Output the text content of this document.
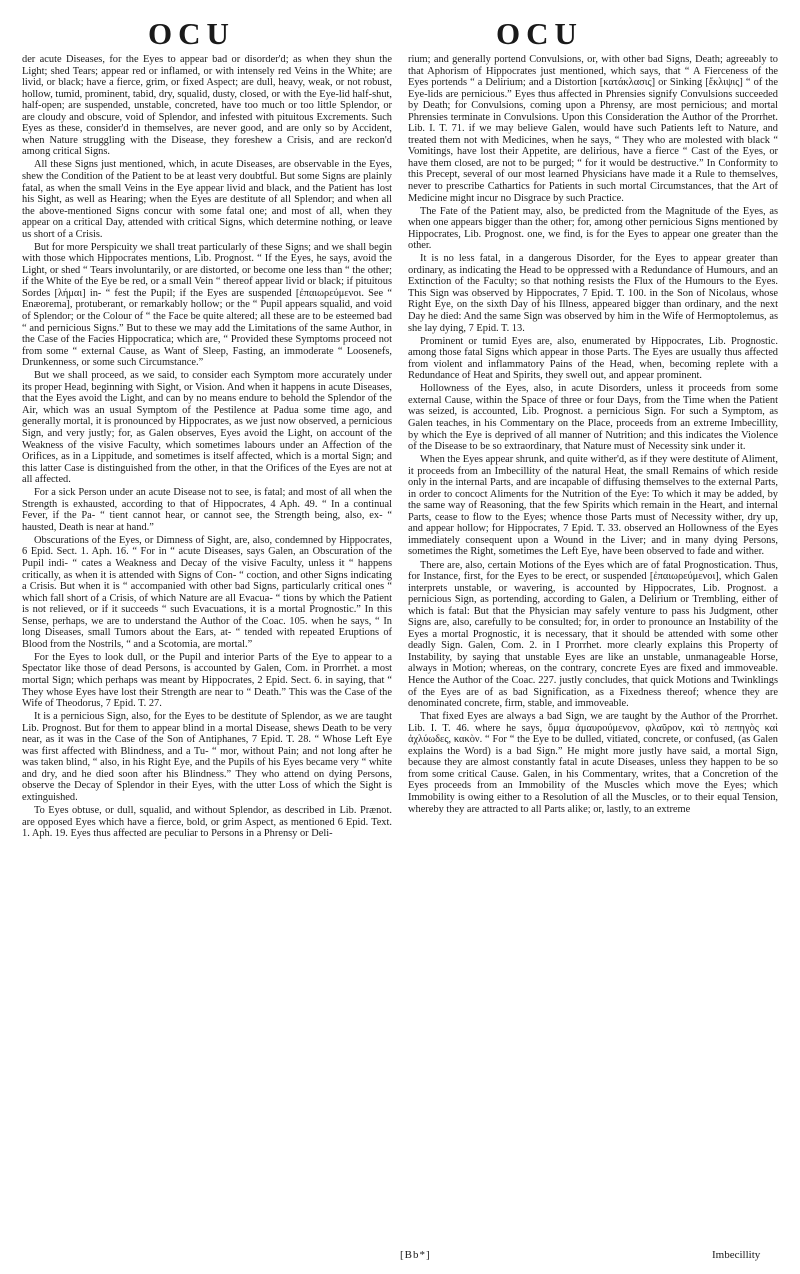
OCU	OCU

der acute Diseases, for the Eyes to appear bad or disorder'd; as when they shun the Light; shed Tears; appear red or inflamed, or with intensely red Veins in the White; are livid, or black; have a fierce, grim, or fixed Aspect; are dull, heavy, weak, or not robust, hollow, tumid, prominent, tabid, dry, squalid, dusty, closed, or with the Eye-lid half-shut, half-open; are suspended, unstable, concreted, have too much or too little Splendor, or are cloudy and obscure, void of Splendor, and infested with pituitous Excrements. Such Eyes as these, consider'd in themselves, are never good, and are only so by Accident, when Nature struggling with the Disease, they foreshew a Crisis, and are reckon'd among critical Signs.

All these Signs just mentioned, which, in acute Diseases, are observable in the Eyes, shew the Condition of the Patient to be at least very doubtful. But some Signs are plainly fatal, as when the small Veins in the Eye appear livid and black, and the Patient has lost his Sight, as well as Hearing; when the Eyes are destitute of all Splendor; and when all the above-mentioned Signs concur with some fatal one; and most of all, when they appear on a critical Day, attended with critical Signs, which determine nothing, or leave us short of a Crisis.

But for more Perspicuity we shall treat particularly of these Signs; and we shall begin with those which Hippocrates mentions, Lib. Prognost. “ If the Eyes, he says, avoid the Light, or shed “ Tears involuntarily, or are distorted, or become one less than “ the other; if the White of the Eye be red, or a small Vein “ thereof appear livid or black; if pituitous Sordes [λήμαι] in- “ fest the Pupil; if the Eyes are suspended [ἐπαιωρεύμενοι. See “ Enæorema], protuberant, or remarkably hollow; or the “ Pupil appears squalid, and void of Splendor; or the Colour of “ the Face be quite altered; all these are to be esteemed bad “ and pernicious Signs.” But to these we may add the Limitations of the same Author, in the Case of the Facies Hippocratica; which are, “ Provided these Symptoms proceed not from some “ external Cause, as Want of Sleep, Fasting, an immoderate “ Loosenefs, Drunkenness, or some such Circumstance.”

But we shall proceed, as we said, to consider each Symptom more accurately under its proper Head, beginning with Sight, or Vision. And when it happens in acute Diseases, that the Eyes avoid the Light, and can by no means endure to behold the Splendor of the Air, which was an usual Symptom of the Pestilence at Padua some time ago, and generally mortal, it is pronounced by Hippocrates, as we just now observed, a pernicious Sign, and very justly; for, as Galen observes, Eyes avoid the Light, on account of the Weakness of the visive Faculty, which sometimes labours under an Affection of the Orifices, as in a Lippitude, and sometimes is itself affected, which is a mortal Sign; and this latter Case is distinguished from the other, in that the Orifices of the Eyes are not at all affected.

For a sick Person under an acute Disease not to see, is fatal; and most of all when the Strength is exhausted, according to that of Hippocrates, 4 Aph. 49. “ In a continual Fever, if the Pa- “ tient cannot hear, or cannot see, the Strength being, also, ex- “ hausted, Death is near at hand.”

Obscurations of the Eyes, or Dimness of Sight, are, also, condemned by Hippocrates, 6 Epid. Sect. 1. Aph. 16. “ For in “ acute Diseases, says Galen, an Obscuration of the Pupil indi- “ cates a Weakness and Decay of the visive Faculty, unless it “ happens critically, as when it is attended with Signs of Con- “ coction, and other Signs indicating a Crisis. But when it is “ accompanied with other bad Signs, particularly critical ones “ which fall short of a Crisis, of which Nature are all Evacua- “ tions by which the Patient is not relieved, or if it succeeds “ such Evacuations, it is a mortal Prognostic.” In this Sense, perhaps, we are to understand the Author of the Coac. 105. when he says, “ In long Diseases, small Tumors about the Ears, at- “ tended with repeated Eruptions of Blood from the Nostrils, “ and a Scotomia, are mortal.”

For the Eyes to look dull, or the Pupil and interior Parts of the Eye to appear to a Spectator like those of dead Persons, is accounted by Galen, Com. in Prorrhet. a most mortal Sign; which perhaps was meant by Hippocrates, 2 Epid. Sect. 6. in saying, that “ They whose Eyes have lost their Strength are near to “ Death.” This was the Case of the Wife of Theodorus, 7 Epid. T. 27.

It is a pernicious Sign, also, for the Eyes to be destitute of Splendor, as we are taught Lib. Prognost. But for them to appear blind in a mortal Disease, shews Death to be very near, as it was in the Case of the Son of Antiphanes, 7 Epid. T. 28. “ Whose Left Eye was first affected with Blindness, and a Tu- “ mor, without Pain; and not long after he was taken blind, “ also, in his Right Eye, and the Pupils of his Eyes became very “ white and dry, and he died soon after his Blindness.” They who attend on dying Persons, observe the Decay of Splendor in their Eyes, with the utter Loss of which the Sight is extinguished.

To Eyes obtuse, or dull, squalid, and without Splendor, as described in Lib. Prænot. are opposed Eyes which have a fierce, bold, or grim Aspect, as mentioned 6 Epid. Text. 1. Aph. 19. Eyes thus affected are peculiar to Persons in a Phrensy or Deli-

rium; and generally portend Convulsions, or, with other bad Signs, Death; agreeably to that Aphorism of Hippocrates just mentioned, which says, that “ A Fierceness of the Eyes portends “ a Delirium; and a Distortion [κατάκλασις] or Sinking [ἔκλιψις] “ of the Eye-lids are pernicious.” Eyes thus affected in Phrensies signify Convulsions succeeded by Death; for Convulsions, coming upon a Phrensy, are most pernicious; and mortal Phrensies terminate in Convulsions. Upon this Consideration the Author of the Prorrhet. Lib. I. T. 71. if we may believe Galen, would have such Patients left to Nature, and treated them not with Medicines, when he says, “ They who are molested with black “ Vomitings, have lost their Appetite, are delirious, have a fierce “ Cast of the Eyes, or have them closed, are not to be purged; “ for it would be destructive.” In Conformity to this Precept, several of our most learned Physicians have made it a Rule to themselves, never to prescribe Cathartics for Patients in such mortal Circumstances, that the Art of Medicine might incur no Disgrace by such Practice.

The Fate of the Patient may, also, be predicted from the Magnitude of the Eyes, as when one appears bigger than the other; for, among other pernicious Signs mentioned by Hippocrates, Lib. Prognost. one, we find, is for the Eyes to appear one greater than the other.

It is no less fatal, in a dangerous Disorder, for the Eyes to appear greater than ordinary, as indicating the Head to be oppressed with a Redundance of Humours, and an Extinction of the Faculty; so that nothing resists the Flux of the Humours to the Eyes. This Sign was observed by Hippocrates, 7 Epid. T. 100. in the Son of Nicolaus, whose Right Eye, on the sixth Day of his Illness, appeared bigger than ordinary, and the next Day he died: And the same Sign was observed by him in the Wife of Hermoptolemus, as she lay dying, 7 Epid. T. 13.

Prominent or tumid Eyes are, also, enumerated by Hippocrates, Lib. Prognostic. among those fatal Signs which appear in those Parts. The Eyes are usually thus affected from violent and inflammatory Pains of the Head, when, becoming replete with a Redundance of Heat and Spirits, they swell out, and appear prominent.

Hollowness of the Eyes, also, in acute Disorders, unless it proceeds from some external Cause, within the Space of three or four Days, from the Time when the Patient was seized, is accounted, Lib. Prognost. a pernicious Sign. For such a Symptom, as Galen teaches, in his Commentary on the Place, proceeds from an extreme Imbecillity, by which the Eye is deprived of all manner of Nutrition; and this indicates the Violence of the Disease to be so extraordinary, that Nature must of Necessity sink under it.

When the Eyes appear shrunk, and quite wither'd, as if they were destitute of Aliment, it proceeds from an Imbecillity of the natural Heat, the small Remains of which reside only in the internal Parts, and are incapable of diffusing themselves to the external Parts, in order to concoct Aliments for the Nutrition of the Eye: To which it may be added, by the same way of Reasoning, that the few Spirits which remain in the Heart, and internal Parts, cease to flow to the Eyes; whence those Parts must of Necessity wither, dry up, and appear hollow; for Hippocrates, 7 Epid. T. 33. observed an Hollowness of the Eyes immediately consequent upon a Wound in the Liver; and in many dying Persons, sometimes the Right, sometimes the Left Eye, have been observed to fade and wither.

There are, also, certain Motions of the Eyes which are of fatal Prognostication. Thus, for Instance, first, for the Eyes to be erect, or suspended [ἐπαιωρεύμενοι], which Galen interprets unstable, or wavering, is accounted by Hippocrates, Lib. Prognost. a pernicious Sign, as portending, according to Galen, a Delirium or Trembling, either of which is fatal: But that the Physician may safely venture to pass his Judgment, other Signs are, also, carefully to be consulted; for, in order to pronounce an Instability of the Eyes a mortal Prognostic, it is necessary, that it should be attended with some other deadly Sign. Galen, Com. 2. in I Prorrhet. more clearly explains this Property of Instability, by saying that unstable Eyes are like an unstable, unmanageable Horse, always in Motion; whereas, on the contrary, concrete Eyes are fixed and immoveable. Hence the Author of the Coac. 227. justly concludes, that quick Motions and Twinklings of the Eyes are of as bad Signification, as a Fixedness thereof; whence they are denominated concrete, firm, stable, and immoveable.

That fixed Eyes are always a bad Sign, we are taught by the Author of the Prorrhet. Lib. I. T. 46. where he says, ὄμμα ἀμαυρούμενον, φλαῦρον, καὶ τὸ πεπηγὸς καὶ ἀχλύωδες, κακὸν. “ For “ the Eye to be dulled, vitiated, concrete, or confused, (as Galen explains the Word) is a bad Sign.” He might more justly have said, a mortal Sign, because they are almost constantly fatal in acute Diseases, unless they happen to be so from some critical Cause. Galen, in his Commentary, writes, that a Concretion of the Eyes proceeds from an Immobility of the Muscles which move the Eyes; which Immobility is owing either to a Resolution of all the Muscles, or to their equal Tension, whereby they are attracted to all Parts alike; or, lastly, to an extreme

[Bb*]	Imbecillity
